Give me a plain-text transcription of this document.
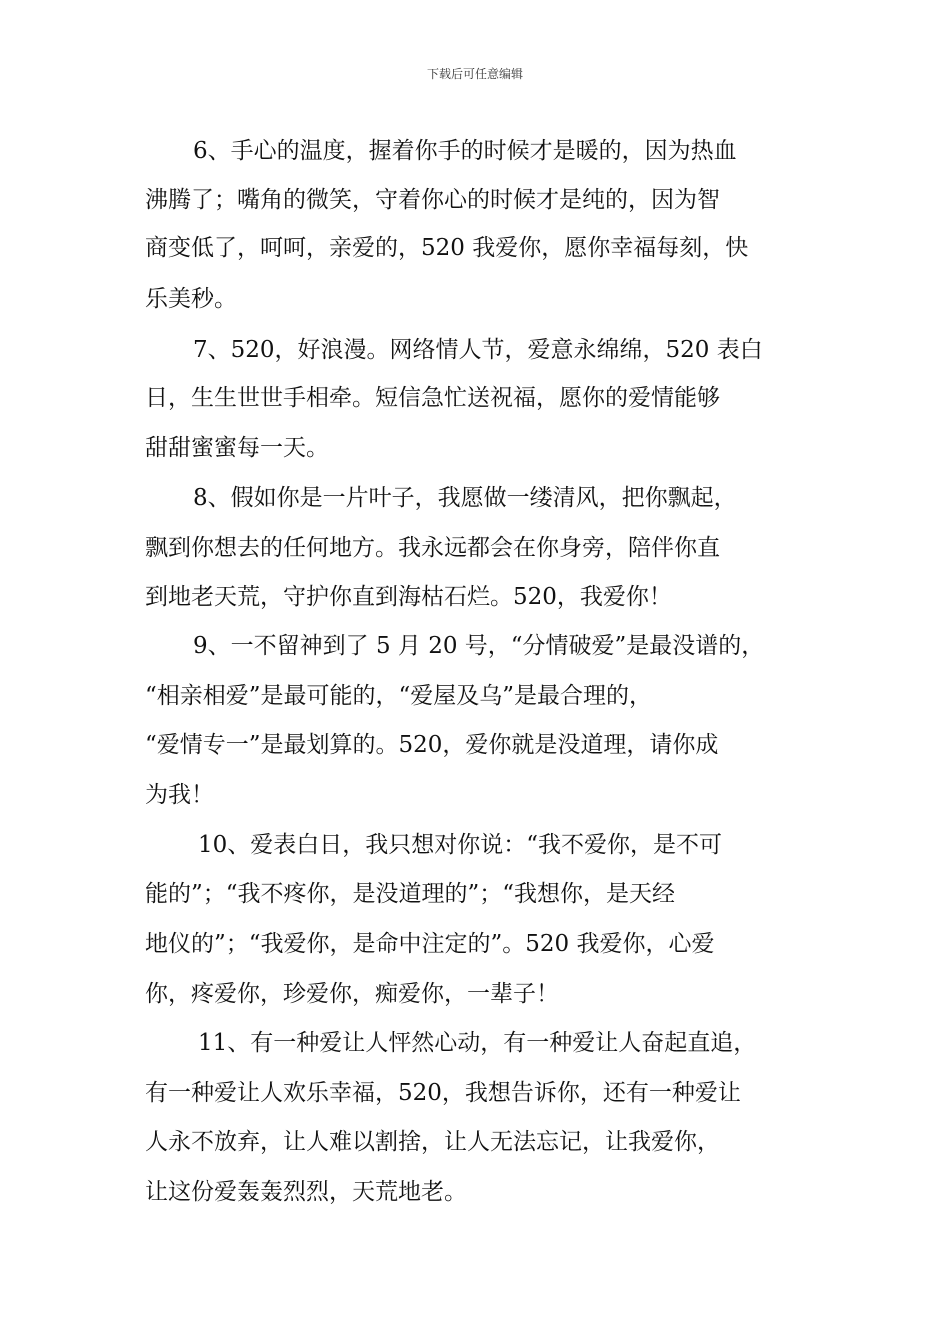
下载后可任意编辑
6、手心的温度，握着你手的时候才是暖的，因为热血
沸腾了；嘴角的微笑，守着你心的时候才是纯的，因为智
商变低了，呵呵，亲爱的，520 我爱你，愿你幸福每刻，快
乐美秒。
7、520，好浪漫。网络情人节，爱意永绵绵，520 表白
日，生生世世手相牵。短信急忙送祝福，愿你的爱情能够
甜甜蜜蜜每一天。
8、假如你是一片叶子，我愿做一缕清风，把你飘起，
飘到你想去的任何地方。我永远都会在你身旁，陪伴你直
到地老天荒，守护你直到海枯石烂。520，我爱你！
9、一不留神到了 5 月 20 号，“分情破爱”是最没谱的，
“相亲相爱”是最可能的，“爱屋及乌”是最合理的，
“爱情专一”是最划算的。520，爱你就是没道理，请你成
为我！
10、爱表白日，我只想对你说：“我不爱你，是不可
能的”；“我不疼你，是没道理的”；“我想你，是天经
地仪的”；“我爱你，是命中注定的”。520 我爱你，心爱
你，疼爱你，珍爱你，痴爱你，一辈子！
11、有一种爱让人怦然心动，有一种爱让人奋起直追，
有一种爱让人欢乐幸福，520，我想告诉你，还有一种爱让
人永不放弃，让人难以割捨，让人无法忘记，让我爱你，
让这份爱轰轰烈烈，天荒地老。
